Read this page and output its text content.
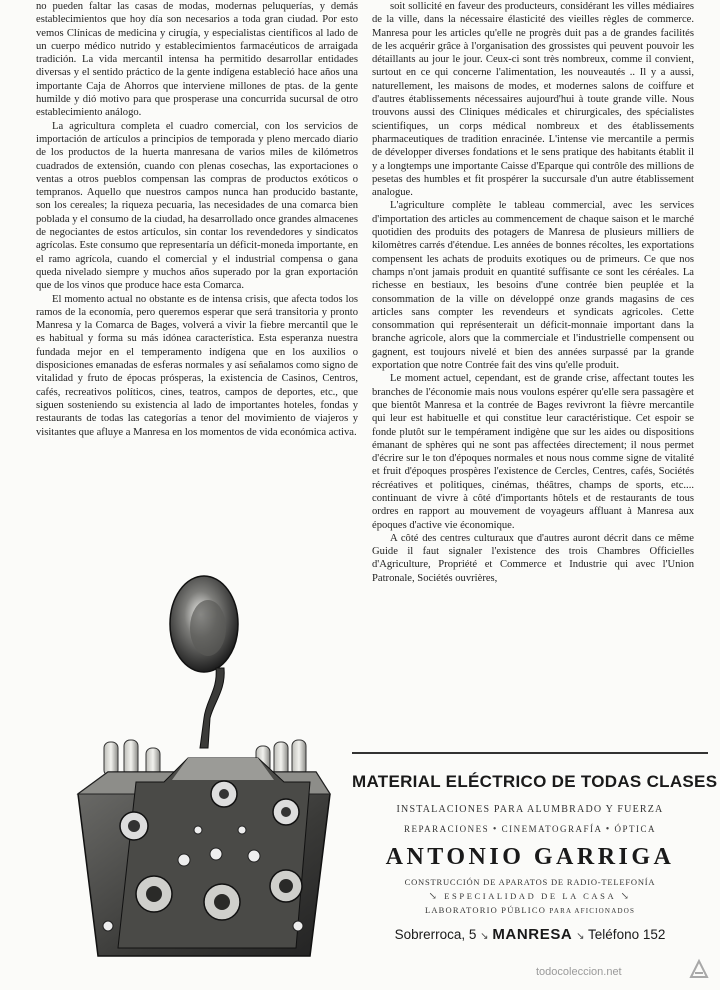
no pueden faltar las casas de modas, modernas peluquerías, y demás establecimientos que hoy día son necesarios a toda gran ciudad. Por esto vemos Clínicas de medicina y cirugía, y especialistas científicos al lado de un cuerpo médico nutrido y establecimientos farmacéuticos de arraigada tradición. La vida mercantil intensa ha permitido desarrollar entidades diversas y el sentido práctico de la gente indígena estableció hace años una importante Caja de Ahorros que interviene millones de ptas. de la gente humilde y dió motivo para que prosperase una concurrida sucursal de otro establecimiento análogo.

La agricultura completa el cuadro comercial, con los servicios de importación de artículos a principios de temporada y pleno mercado diario de los productos de la huerta manresana de varios miles de kilómetros cuadrados de extensión, cuando con plenas cosechas, las exportaciones o ventas a otros pueblos compensan las compras de productos exóticos o tempranos. Aquello que nuestros campos nunca han producido bastante, son los cereales; la riqueza pecuaria, las necesidades de una comarca bien poblada y el consumo de la ciudad, ha desarrollado once grandes almacenes de negociantes de estos artículos, sin contar los revendedores y sindicatos agrícolas. Este consumo que representaría un déficit-moneda importante, en el ramo agrícola, cuando el comercial y el industrial compensa o gana queda nivelado siempre y muchos años superado por la gran exportación que de los vinos que produce hace esta Comarca.

El momento actual no obstante es de intensa crisis, que afecta todos los ramos de la economía, pero queremos esperar que será transitoria y pronto Manresa y la Comarca de Bages, volverá a vivir la fiebre mercantil que le es habitual y forma su más idónea característica. Esta esperanza nuestra fundada mejor en el temperamento indígena que en los auxilios o disposiciones emanadas de esferas normales y así señalamos como signo de vitalidad y fruto de épocas prósperas, la existencia de Casinos, Centros, cafés, recreativos políticos, cines, teatros, campos de deportes, etc., que siguen sosteniendo su existencia al lado de importantes hoteles, fondas y restaurants de todas las categorías a tenor del movimiento de viajeros y visitantes que afluye a Manresa en los momentos de vida económica activa.

soit sollicité en faveur des producteurs, considérant les villes médiaires de la ville, dans la nécessaire élasticité des vieilles règles de commerce. Manresa pour les articles qu'elle ne progrès duit pas a de grandes facilités de les acquérir grâce à l'organisation des grossistes qui peuvent pouvoir les détaillants au jour le jour. Ceux-ci sont très nombreux, comme il convient, surtout en ce qui concerne l'alimentation, les nouveautés .. Il y a aussi, naturellement, les maisons de modes, et modernes salons de coiffure et d'autres établissements nécessaires aujourd'hui à toute grande ville. Nous trouvons aussi des Cliniques médicales et chirurgicales, des spécialistes scientifiques, un corps médical nombreux et des établissements pharmaceutiques de tradition enracinée. L'intense vie mercantile a permis de développer diverses fondations et le sens pratique des habitants établit il y a longtemps une importante Caisse d'Eparque qui contrôle des millions de pesetas des humbles et fit prospérer la succursale d'un autre établissement analogue.

L'agriculture complète le tableau commercial, avec les services d'importation des articles au commencement de chaque saison et le marché quotidien des produits des potagers de Manresa de plusieurs milliers de kilomètres carrés d'étendue. Les années de bonnes récoltes, les exportations compensent les achats de produits exotiques ou de primeurs. Ce que nos champs n'ont jamais produit en quantité suffisante ce sont les céréales. La richesse en bestiaux, les besoins d'une contrée bien peuplée et la consommation de la ville on développé onze grands magasins de ces articles sans compter les revendeurs et syndicats agricoles. Cette consommation qui représenterait un déficit-monnaie important dans la branche agricole, alors que la commerciale et l'industrielle compensent ou gagnent, est toujours nivelé et bien des années surpassé par la grande exportation que notre Contrée fait des vins qu'elle produit.

Le moment actuel, cependant, est de grande crise, affectant toutes les branches de l'économie mais nous voulons espérer qu'elle sera passagère et que bientôt Manresa et la contrée de Bages revivront la fièvre mercantile qui leur est habituelle et qui constitue leur caractéristique. Cet espoir se fonde plutôt sur le tempérament indigène que sur les aides ou dispositions émanant de sphères qui ne sont pas affectées directement; il nous permet d'écrire sur le ton d'époques normales et nous nous comme signe de vitalité et fruit d'époques prospères l'existence de Cercles, Centres, cafés, Sociétés récréatives et politiques, cinémas, théâtres, champs de sports, etc.... continuant de vivre à côté d'importants hôtels et de restaurants de tous ordres en rapport au mouvement de voyageurs affluant à Manresa aux époques d'active vie économique.

A côté des centres culturaux que d'autres auront décrit dans ce même Guide il faut signaler l'existence des trois Chambres Officielles d'Agriculture, Propriété et Commerce et Industrie qui avec l'Union Patronale, Sociétés ouvrières,

MATERIAL ELÉCTRICO DE TODAS CLASES
INSTALACIONES PARA ALUMBRADO Y FUERZA
REPARACIONES • CINEMATOGRAFÍA • ÓPTICA
ANTONIO GARRIGA
CONSTRUCCIÓN DE APARATOS DE RADIO-TELEFONÍA
↘ ESPECIALIDAD DE LA CASA ↘
LABORATORIO PÚBLICO PARA AFICIONADOS
Sobrerroca, 5 ↘ MANRESA ↘ Teléfono 152
todocoleccion.net
